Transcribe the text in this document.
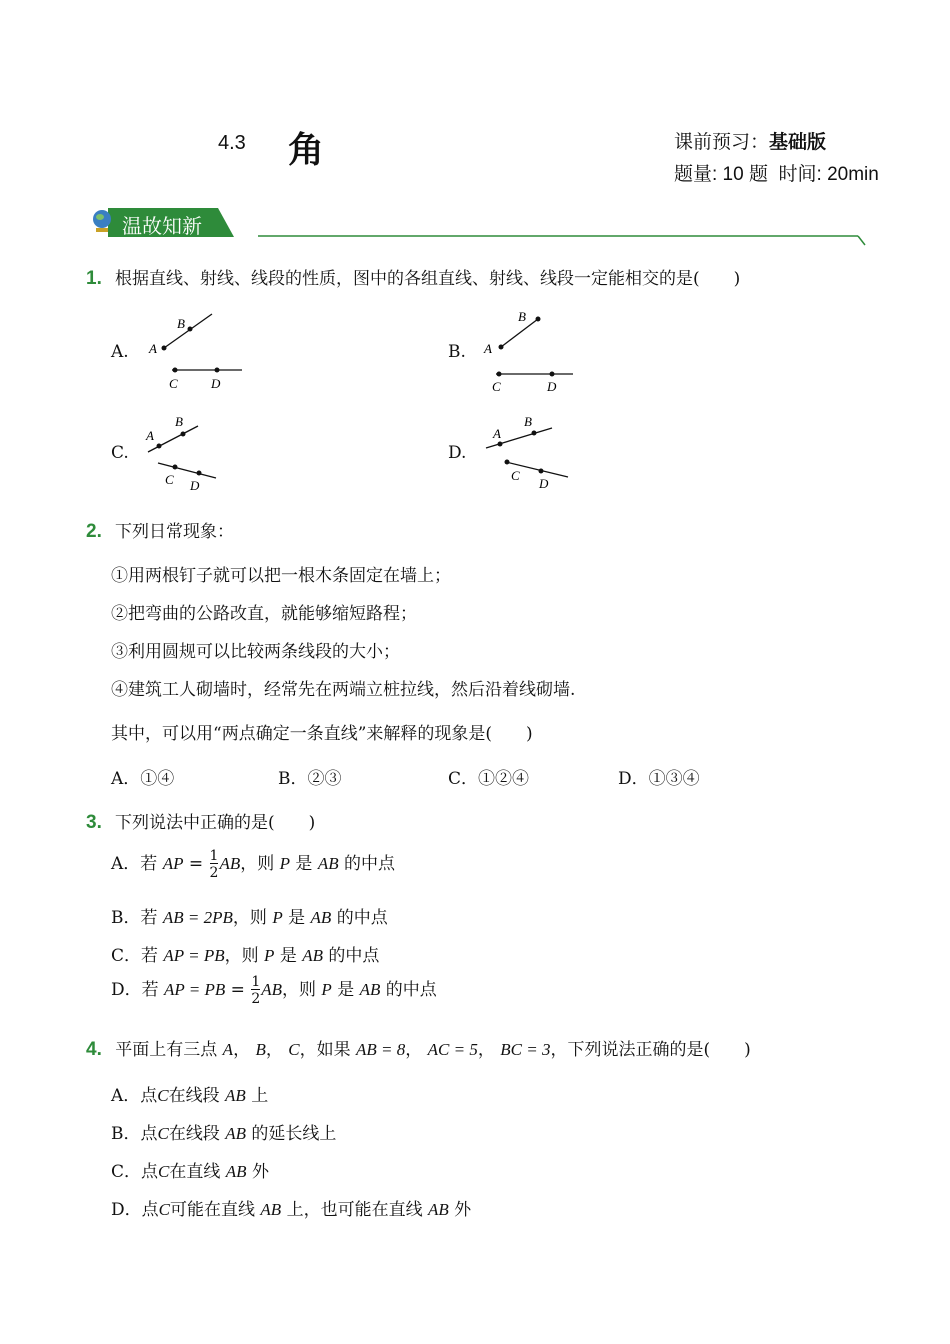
4.3 角	课前预习：基础版
题量: 10 题  时间: 20min
温故知新
1. 根据直线、射线、线段的性质，图中的各组直线、射线、线段一定能相交的是(　　)
A. A
B
C	D
B. A
B
C	D
C.
A
B
C D
D.
A
B
C
D
2. 下列日常现象：
①用两根钉子就可以把一根木条固定在墙上；
②把弯曲的公路改直，就能够缩短路程；
③利用圆规可以比较两条线段的大小；
④建筑工人砌墙时，经常先在两端立桩拉线，然后沿着线砌墙.
其中，可以用“两点确定一条直线”来解释的现象是(　　)
A．①④	B．②③	C．①②④	D．①③④
3. 下列说法中正确的是(　　)
A．若 AP = $\frac{1}{2}$ AB，则 P 是 AB 的中点
B．若 AB = 2PB，则 P 是 AB 的中点
C．若 AP = PB，则 P 是 AB 的中点
D．若 AP = PB = $\frac{1}{2}$ AB，则 P 是 AB 的中点
4. 平面上有三点 A， B， C，如果 AB = 8， AC = 5， BC = 3，下列说法正确的是(　　)
A．点C在线段 AB 上
B．点C在线段 AB 的延长线上
C．点C在直线 AB 外
D．点C可能在直线 AB 上，也可能在直线 AB 外
